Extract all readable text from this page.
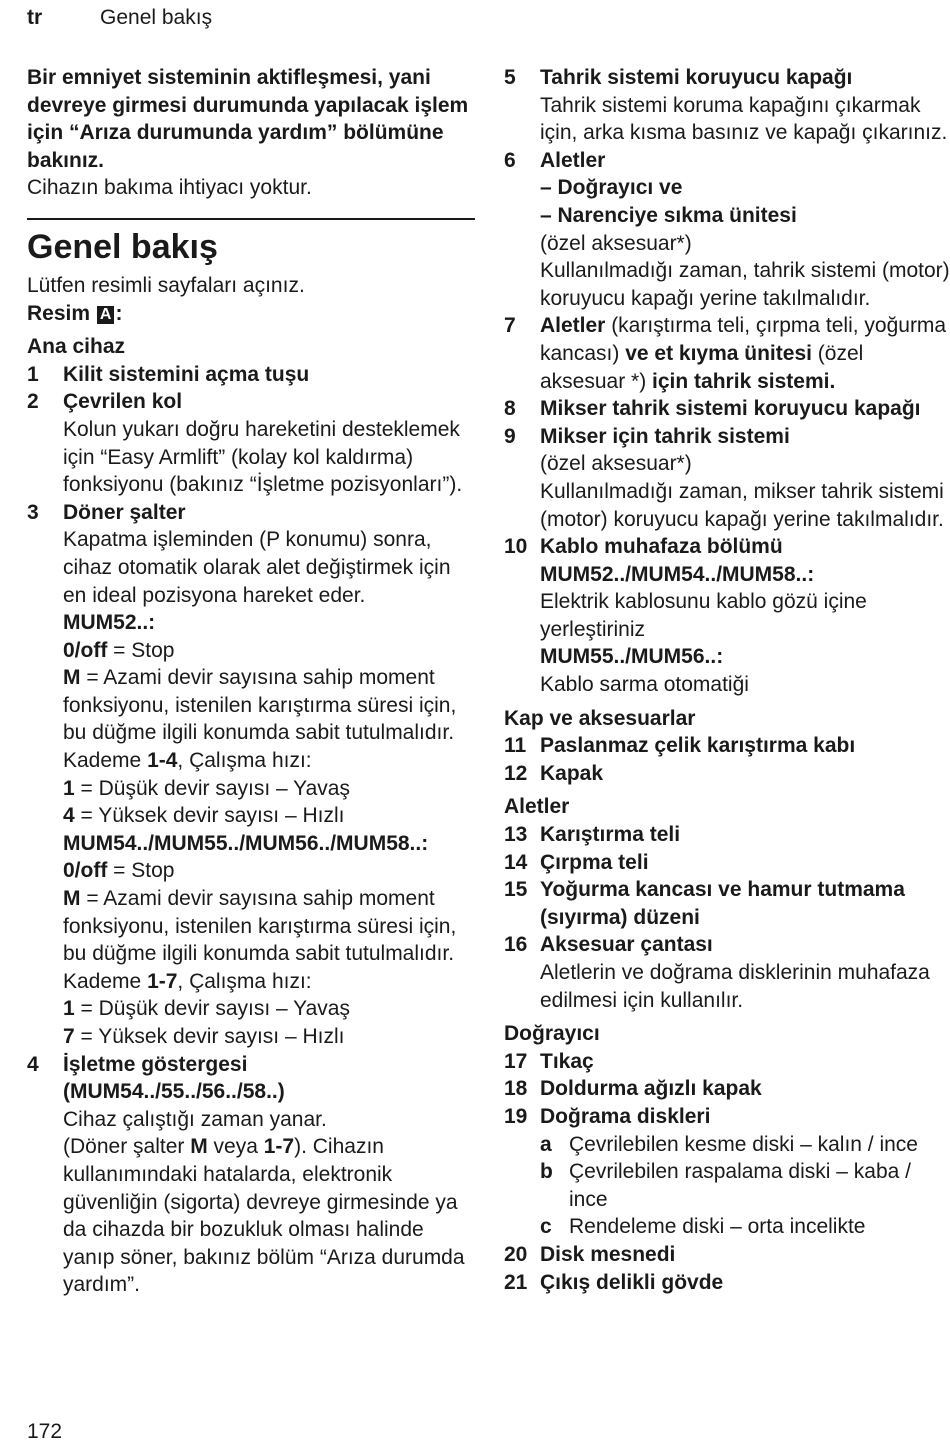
tr	Genel bakış

Bir emniyet sisteminin aktifleşmesi, yani devreye girmesi durumunda yapılacak işlem için “Arıza durumunda yardım” bölümüne bakınız.

Cihazın bakıma ihtiyacı yoktur.

Genel bakış

Lütfen resimli sayfaları açınız.

Resim A :

Ana cihaz
1 Kilit sistemini açma tuşu
2 Çevrilen kol
Kolun yukarı doğru hareketini desteklemek için “Easy Armlift” (kolay kol kaldırma) fonksiyonu (bakınız “İşletme pozisyonları”).
3 Döner şalter
Kapatma işleminden (P konumu) sonra, cihaz otomatik olarak alet değiştirmek için en ideal pozisyona hareket eder.
MUM52..:
0/off = Stop
M = Azami devir sayısına sahip moment fonksiyonu, istenilen karıştırma süresi için, bu düğme ilgili konumda sabit tutulmalıdır.
Kademe 1-4, Çalışma hızı:
1 = Düşük devir sayısı – Yavaş
4 = Yüksek devir sayısı – Hızlı
MUM54../MUM55../MUM56../MUM58..:
0/off = Stop
M = Azami devir sayısına sahip moment fonksiyonu, istenilen karıştırma süresi için, bu düğme ilgili konumda sabit tutulmalıdır.
Kademe 1-7, Çalışma hızı:
1 = Düşük devir sayısı – Yavaş
7 = Yüksek devir sayısı – Hızlı
4 İşletme göstergesi
(MUM54../55../56../58..)
Cihaz çalıştığı zaman yanar.
(Döner şalter M veya 1-7). Cihazın kullanımındaki hatalarda, elektronik güvenliğin (sigorta) devreye girmesinde ya da cihazda bir bozukluk olması halinde yanıp söner, bakınız bölüm “Arıza durumda yardım”.
5 Tahrik sistemi koruyucu kapağı
Tahrik sistemi koruma kapağını çıkarmak için, arka kısma basınız ve kapağı çıkarınız.
6 Aletler
– Doğrayıcı ve
– Narenciye sıkma ünitesi
(özel aksesuar*)
Kullanılmadığı zaman, tahrik sistemi (motor) koruyucu kapağı yerine takılmalıdır.
7 Aletler (karıştırma teli, çırpma teli, yoğurma kancası) ve et kıyma ünitesi (özel aksesuar *) için tahrik sistemi.
8 Mikser tahrik sistemi koruyucu kapağı
9 Mikser için tahrik sistemi
(özel aksesuar*)
Kullanılmadığı zaman, mikser tahrik sistemi (motor) koruyucu kapağı yerine takılmalıdır.
10 Kablo muhafaza bölümü
MUM52../MUM54../MUM58..:
Elektrik kablosunu kablo gözü içine yerleştiriniz
MUM55../MUM56..:
Kablo sarma otomatiği
Kap ve aksesuarlar
11 Paslanmaz çelik karıştırma kabı
12 Kapak
Aletler
13 Karıştırma teli
14 Çırpma teli
15 Yoğurma kancası ve hamur tutmama (sıyırma) düzeni
16 Aksesuar çantası
Aletlerin ve doğrama disklerinin muhafaza edilmesi için kullanılır.
Doğrayıcı
17 Tıkaç
18 Doldurma ağızlı kapak
19 Doğrama diskleri
a Çevrilebilen kesme diski – kalın / ince
b Çevrilebilen raspalama diski – kaba / ince
c Rendeleme diski – orta incelikte
20 Disk mesnedi
21 Çıkış delikli gövde
172
